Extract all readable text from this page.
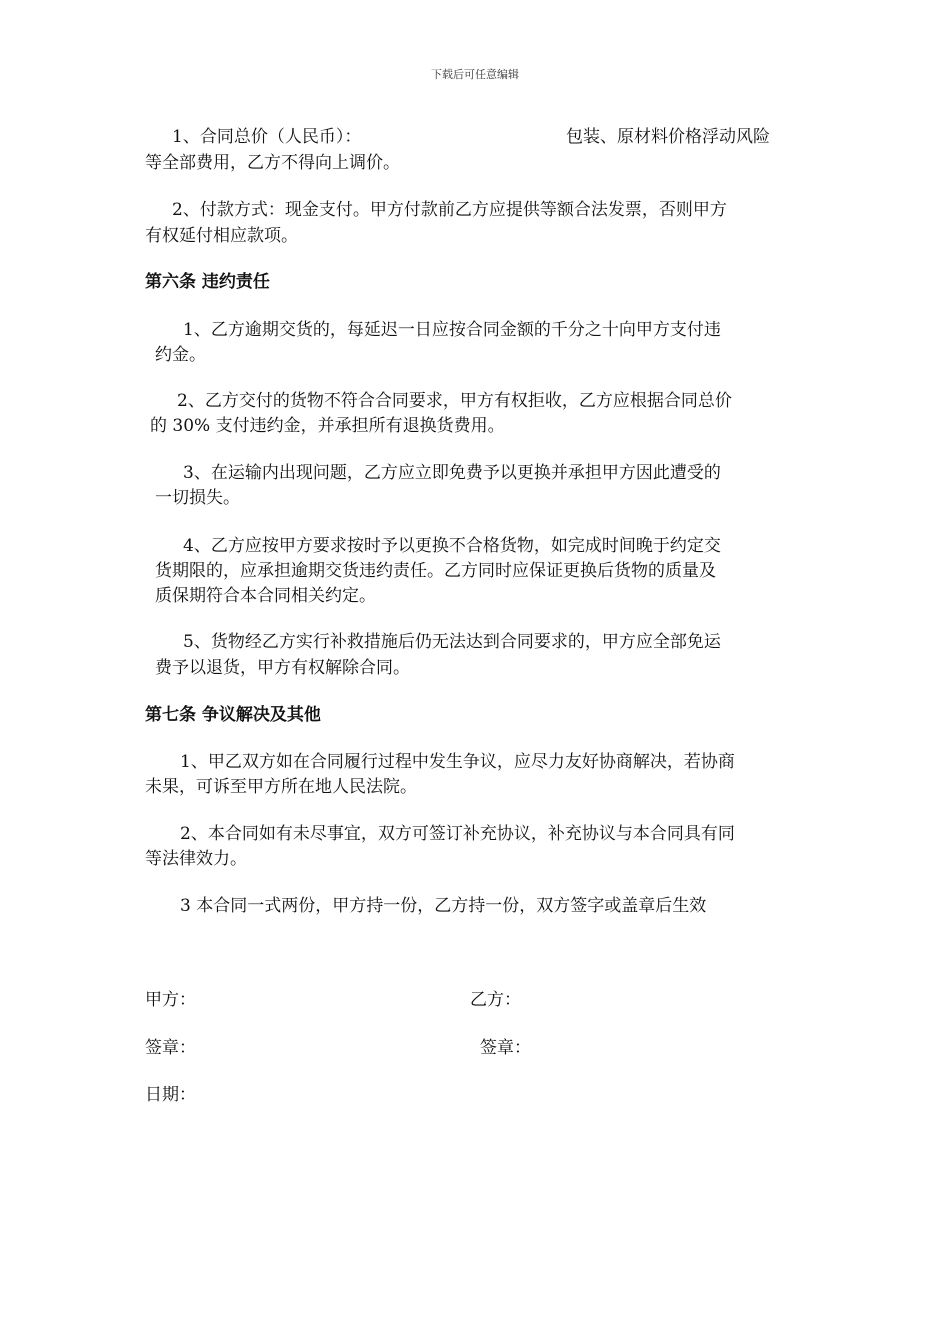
下载后可任意编辑
1、合同总价（人民币）：	包装、原材料价格浮动风险
等全部费用，乙方不得向上调价。
2、付款方式：现金支付。甲方付款前乙方应提供等额合法发票，否则甲方
有权延付相应款项。
第六条 违约责任
1、乙方逾期交货的，每延迟一日应按合同金额的千分之十向甲方支付违
约金。
2、乙方交付的货物不符合合同要求，甲方有权拒收，乙方应根据合同总价
的 30% 支付违约金，并承担所有退换货费用。
3、在运输内出现问题，乙方应立即免费予以更换并承担甲方因此遭受的
一切损失。
4、乙方应按甲方要求按时予以更换不合格货物，如完成时间晚于约定交
货期限的，应承担逾期交货违约责任。乙方同时应保证更换后货物的质量及
质保期符合本合同相关约定。
5、货物经乙方实行补救措施后仍无法达到合同要求的，甲方应全部免运
费予以退货，甲方有权解除合同。
第七条 争议解决及其他
1、甲乙双方如在合同履行过程中发生争议，应尽力友好协商解决，若协商
未果，可诉至甲方所在地人民法院。
2、本合同如有未尽事宜，双方可签订补充协议，补充协议与本合同具有同
等法律效力。
3 本合同一式两份，甲方持一份，乙方持一份，双方签字或盖章后生效
甲方：	乙方：
签章：	签章：
日期：
